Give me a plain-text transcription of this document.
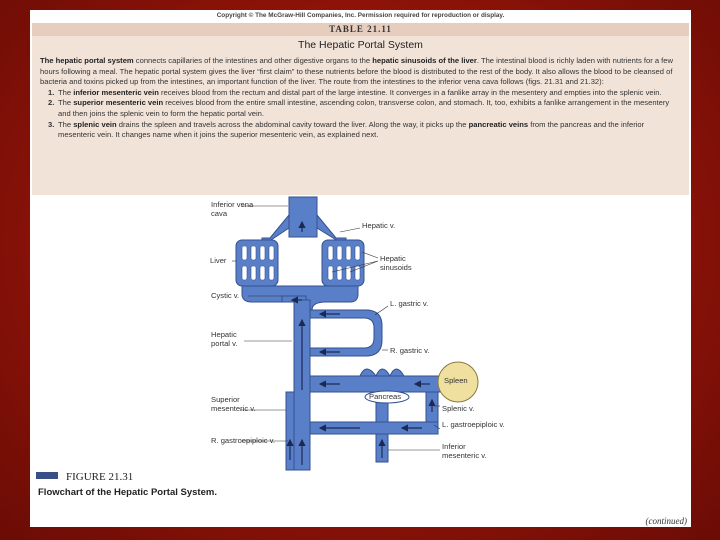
Copyright © The McGraw-Hill Companies, Inc. Permission required for reproduction or display.
TABLE 21.11
The Hepatic Portal System
The hepatic portal system connects capillaries of the intestines and other digestive organs to the hepatic sinusoids of the liver. The intestinal blood is richly laden with nutrients for a few hours following a meal. The hepatic portal system gives the liver “first claim” to these nutrients before the blood is distributed to the rest of the body. It also allows the blood to be cleansed of bacteria and toxins picked up from the intestines, an important function of the liver. The route from the intestines to the inferior vena cava follows (figs. 21.31 and 21.32):
1. The inferior mesenteric vein receives blood from the rectum and distal part of the large intestine. It converges in a fanlike array in the mesentery and empties into the splenic vein.
2. The superior mesenteric vein receives blood from the entire small intestine, ascending colon, transverse colon, and stomach. It, too, exhibits a fanlike arrangement in the mesentery and then joins the splenic vein to form the hepatic portal vein.
3. The splenic vein drains the spleen and travels across the abdominal cavity toward the liver. Along the way, it picks up the pancreatic veins from the pancreas and the inferior mesenteric vein. It changes name when it joins the superior mesenteric vein, as explained next.
Inferior vena cava
Hepatic v.
Liver	Hepatic sinusoids
Cystic v.
L. gastric v.
Hepatic portal v.
R. gastric v.
Spleen
Pancreas
Splenic v.
Superior mesenteric v.
R. gastroepiploic v.
L. gastroepiploic v.
Inferior mesenteric v.
FIGURE 21.31
Flowchart of the Hepatic Portal System.
(continued)
